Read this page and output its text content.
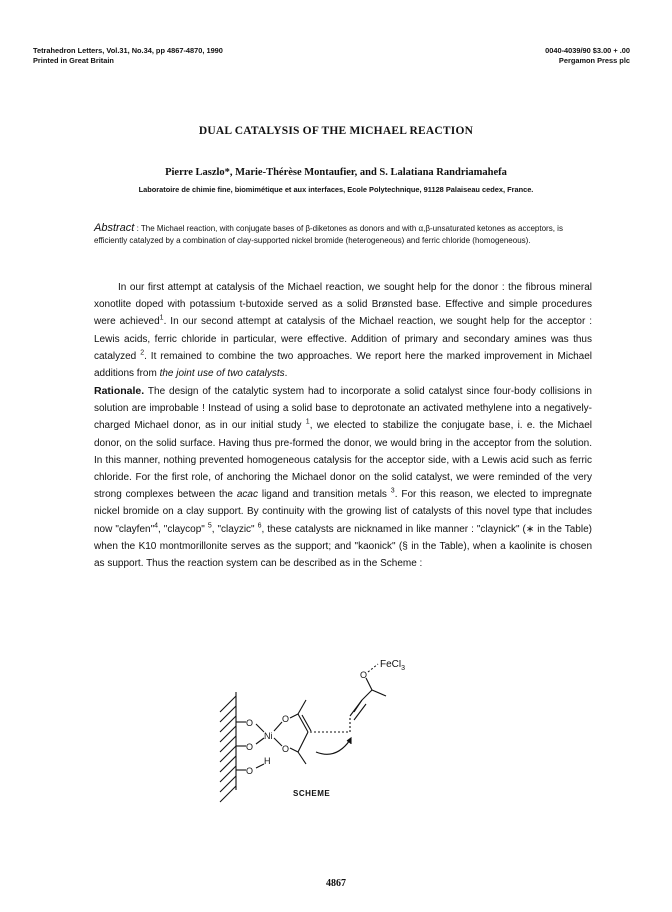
Tetrahedron Letters, Vol.31, No.34, pp 4867-4870, 1990
Printed in Great Britain
0040-4039/90 $3.00 + .00
Pergamon Press plc
DUAL CATALYSIS OF THE MICHAEL REACTION
Pierre Laszlo*, Marie-Thérèse Montaufier, and S. Lalatiana Randriamahefa
Laboratoire de chimie fine, biomimétique et aux interfaces, Ecole Polytechnique, 91128 Palaiseau cedex, France.
Abstract : The Michael reaction, with conjugate bases of β-diketones as donors and with α,β-unsaturated ketones as acceptors, is efficiently catalyzed by a combination of clay-supported nickel bromide (heterogeneous) and ferric chloride (homogeneous).
In our first attempt at catalysis of the Michael reaction, we sought help for the donor : the fibrous mineral xonotlite doped with potassium t-butoxide served as a solid Brønsted base. Effective and simple procedures were achieved$^1$. In our second attempt at catalysis of the Michael reaction, we sought help for the acceptor : Lewis acids, ferric chloride in particular, were effective. Addition of primary and secondary amines was thus catalyzed $^2$. It remained to combine the two approaches. We report here the marked improvement in Michael additions from the joint use of two catalysts.
Rationale. The design of the catalytic system had to incorporate a solid catalyst since four-body collisions in solution are improbable ! Instead of using a solid base to deprotonate an activated methylene into a negatively-charged Michael donor, as in our initial study $^1$, we elected to stabilize the conjugate base, i. e. the Michael donor, on the solid surface. Having thus pre-formed the donor, we would bring in the acceptor from the solution. In this manner, nothing prevented homogeneous catalysis for the acceptor side, with a Lewis acid such as ferric chloride. For the first role, of anchoring the Michael donor on the solid catalyst, we were reminded of the very strong complexes between the acac ligand and transition metals $^3$. For this reason, we elected to impregnate nickel bromide on a clay support. By continuity with the growing list of catalysts of this novel type that includes now "clayfen"$^4$, "claycop" $^5$, "clayzic" $^6$, these catalysts are nicknamed in like manner : "claynick" (∗ in the Table) when the K10 montmorillonite serves as the support; and "kaonick" (§ in the Table), when a kaolinite is chosen as support. Thus the reaction system can be described as in the Scheme :
O
O
O
H
Ni
O
O
O
FeCl$_3$
SCHEME
4867
